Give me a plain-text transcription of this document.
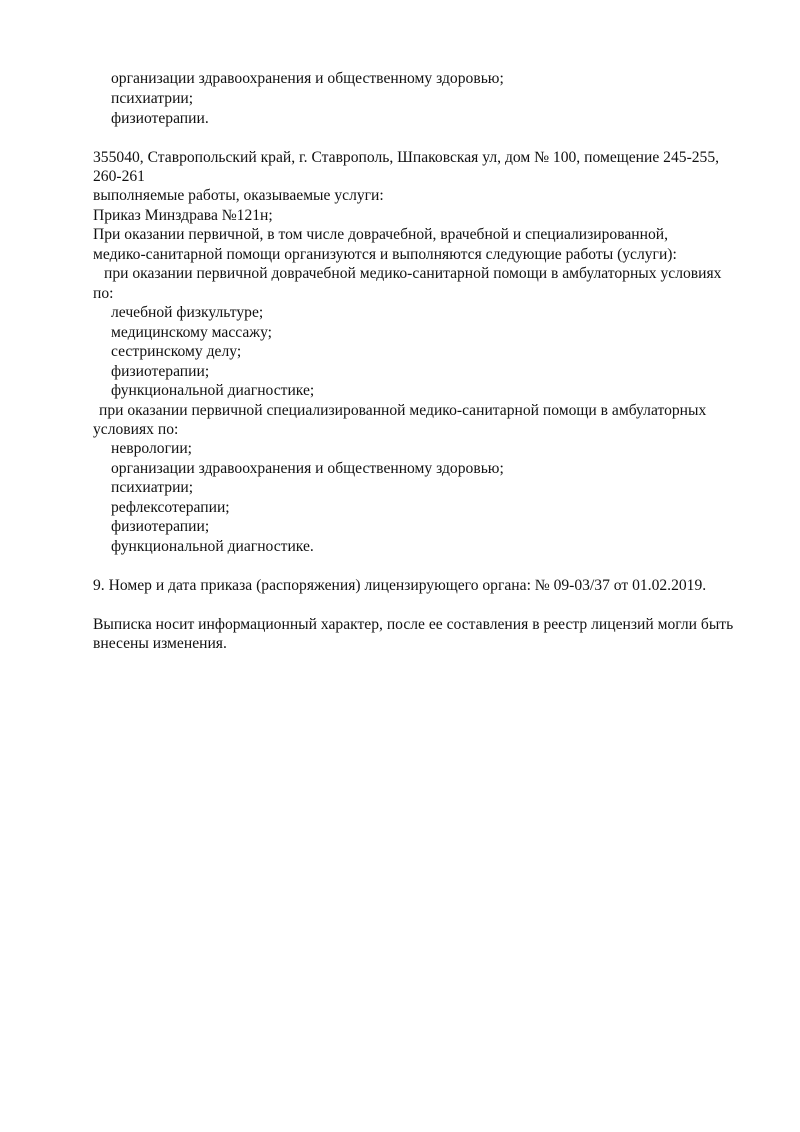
организации здравоохранения и общественному здоровью;
психиатрии;
физиотерапии.
355040, Ставропольский край, г. Ставрополь, Шпаковская ул, дом № 100, помещение 245-255,
260-261
выполняемые работы, оказываемые услуги:
Приказ Минздрава №121н;
При оказании первичной, в том числе доврачебной, врачебной и специализированной,
медико-санитарной помощи организуются и выполняются следующие работы (услуги):
при оказании первичной доврачебной медико-санитарной помощи в амбулаторных условиях
по:
лечебной физкультуре;
медицинскому массажу;
сестринскому делу;
физиотерапии;
функциональной диагностике;
при оказании первичной специализированной медико-санитарной помощи в амбулаторных
условиях по:
неврологии;
организации здравоохранения и общественному здоровью;
психиатрии;
рефлексотерапии;
физиотерапии;
функциональной диагностике.
9. Номер и дата приказа (распоряжения) лицензирующего органа: № 09-03/37 от 01.02.2019.
Выписка носит информационный характер, после ее составления в реестр лицензий могли быть
внесены изменения.
